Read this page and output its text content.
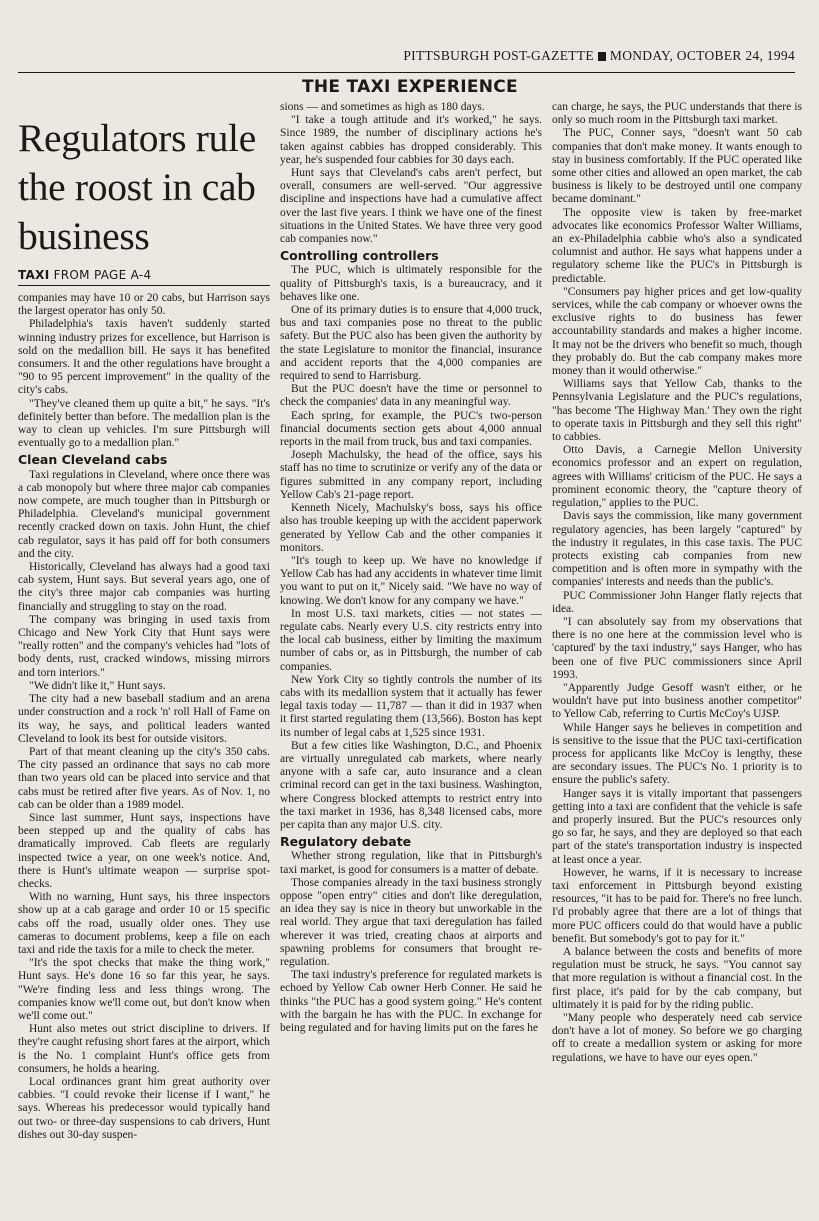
PITTSBURGH POST-GAZETTE MONDAY, OCTOBER 24, 1994
THE TAXI EXPERIENCE
Regulators rule the roost in cab business
TAXI FROM PAGE A-4

companies may have 10 or 20 cabs, but Harrison says the largest operator has only 50.

Philadelphia's taxis haven't suddenly started winning industry prizes for excellence, but Harrison is sold on the medallion bill. He says it has benefited consumers. It and the other regulations have brought a "90 to 95 percent improvement" in the quality of the city's cabs.

"They've cleaned them up quite a bit," he says. "It's definitely better than before. The medallion plan is the way to clean up vehicles. I'm sure Pittsburgh will eventually go to a medallion plan."

Clean Cleveland cabs

Taxi regulations in Cleveland, where once there was a cab monopoly but where three major cab companies now compete, are much tougher than in Pittsburgh or Philadelphia. Cleveland's municipal government recently cracked down on taxis. John Hunt, the chief cab regulator, says it has paid off for both consumers and the city.

Historically, Cleveland has always had a good taxi cab system, Hunt says. But several years ago, one of the city's three major cab companies was hurting financially and struggling to stay on the road.

The company was bringing in used taxis from Chicago and New York City that Hunt says were "really rotten" and the company's vehicles had "lots of body dents, rust, cracked windows, missing mirrors and torn interiors."

"We didn't like it," Hunt says.

The city had a new baseball stadium and an arena under construction and a rock 'n' roll Hall of Fame on its way, he says, and political leaders wanted Cleveland to look its best for outside visitors.

Part of that meant cleaning up the city's 350 cabs. The city passed an ordinance that says no cab more than two years old can be placed into service and that cabs must be retired after five years. As of Nov. 1, no cab can be older than a 1989 model.

Since last summer, Hunt says, inspections have been stepped up and the quality of cabs has dramatically improved. Cab fleets are regularly inspected twice a year, on one week's notice. And, there is Hunt's ultimate weapon — surprise spot-checks.

With no warning, Hunt says, his three inspectors show up at a cab garage and order 10 or 15 specific cabs off the road, usually older ones. They use cameras to document problems, keep a file on each taxi and ride the taxis for a mile to check the meter.

"It's the spot checks that make the thing work," Hunt says. He's done 16 so far this year, he says. "We're finding less and less things wrong. The companies know we'll come out, but don't know when we'll come out."

Hunt also metes out strict discipline to drivers. If they're caught refusing short fares at the airport, which is the No. 1 complaint Hunt's office gets from consumers, he holds a hearing.

Local ordinances grant him great authority over cabbies. "I could revoke their license if I want," he says. Whereas his predecessor would typically hand out two- or three-day suspensions to cab drivers, Hunt dishes out 30-day suspen-

sions — and sometimes as high as 180 days.

"I take a tough attitude and it's worked," he says. Since 1989, the number of disciplinary actions he's taken against cabbies has dropped considerably. This year, he's suspended four cabbies for 30 days each.

Hunt says that Cleveland's cabs aren't perfect, but overall, consumers are well-served. "Our aggressive discipline and inspections have had a cumulative affect over the last five years. I think we have one of the finest situations in the United States. We have three very good cab companies now."

Controlling controllers

The PUC, which is ultimately responsible for the quality of Pittsburgh's taxis, is a bureaucracy, and it behaves like one.

One of its primary duties is to ensure that 4,000 truck, bus and taxi companies pose no threat to the public safety. But the PUC also has been given the authority by the state Legislature to monitor the financial, insurance and accident reports that the 4,000 companies are required to send to Harrisburg.

But the PUC doesn't have the time or personnel to check the companies' data in any meaningful way.

Each spring, for example, the PUC's two-person financial documents section gets about 4,000 annual reports in the mail from truck, bus and taxi companies.

Joseph Machulsky, the head of the office, says his staff has no time to scrutinize or verify any of the data or figures submitted in any company report, including Yellow Cab's 21-page report.

Kenneth Nicely, Machulsky's boss, says his office also has trouble keeping up with the accident paperwork generated by Yellow Cab and the other companies it monitors.

"It's tough to keep up. We have no knowledge if Yellow Cab has had any accidents in whatever time limit you want to put on it," Nicely said. "We have no way of knowing. We don't know for any company we have."

In most U.S. taxi markets, cities — not states — regulate cabs. Nearly every U.S. city restricts entry into the local cab business, either by limiting the maximum number of cabs or, as in Pittsburgh, the number of cab companies.

New York City so tightly controls the number of its cabs with its medallion system that it actually has fewer legal taxis today — 11,787 — than it did in 1937 when it first started regulating them (13,566). Boston has kept its number of legal cabs at 1,525 since 1931.

But a few cities like Washington, D.C., and Phoenix are virtually unregulated cab markets, where nearly anyone with a safe car, auto insurance and a clean criminal record can get in the taxi business. Washington, where Congress blocked attempts to restrict entry into the taxi market in 1936, has 8,348 licensed cabs, more per capita than any major U.S. city.

Regulatory debate

Whether strong regulation, like that in Pittsburgh's taxi market, is good for consumers is a matter of debate.

Those companies already in the taxi business strongly oppose "open entry" cities and don't like deregulation, an idea they say is nice in theory but unworkable in the real world. They argue that taxi deregulation has failed wherever it was tried, creating chaos at airports and spawning problems for consumers that brought re-regulation.

The taxi industry's preference for regulated markets is echoed by Yellow Cab owner Herb Conner. He said he thinks "the PUC has a good system going." He's content with the bargain he has with the PUC. In exchange for being regulated and for having limits put on the fares he

can charge, he says, the PUC understands that there is only so much room in the Pittsburgh taxi market.

The PUC, Conner says, "doesn't want 50 cab companies that don't make money. It wants enough to stay in business comfortably. If the PUC operated like some other cities and allowed an open market, the cab business is likely to be destroyed until one company became dominant."

The opposite view is taken by free-market advocates like economics Professor Walter Williams, an ex-Philadelphia cabbie who's also a syndicated columnist and author. He says what happens under a regulatory scheme like the PUC's in Pittsburgh is predictable.

"Consumers pay higher prices and get low-quality services, while the cab company or whoever owns the exclusive rights to do business has fewer accountability standards and makes a higher income. It may not be the drivers who benefit so much, though they probably do. But the cab company makes more money than it would otherwise."

Williams says that Yellow Cab, thanks to the Pennsylvania Legislature and the PUC's regulations, "has become 'The Highway Man.' They own the right to operate taxis in Pittsburgh and they sell this right" to cabbies.

Otto Davis, a Carnegie Mellon University economics professor and an expert on regulation, agrees with Williams' criticism of the PUC. He says a prominent economic theory, the "capture theory of regulation," applies to the PUC.

Davis says the commission, like many government regulatory agencies, has been largely "captured" by the industry it regulates, in this case taxis. The PUC protects existing cab companies from new competition and is often more in sympathy with the companies' interests and needs than the public's.

PUC Commissioner John Hanger flatly rejects that idea.

"I can absolutely say from my observations that there is no one here at the commission level who is 'captured' by the taxi industry," says Hanger, who has been one of five PUC commissioners since April 1993.

"Apparently Judge Gesoff wasn't either, or he wouldn't have put into business another competitor" to Yellow Cab, referring to Curtis McCoy's UJSP.

While Hanger says he believes in competition and is sensitive to the issue that the PUC taxi-certification process for applicants like McCoy is lengthy, these are secondary issues. The PUC's No. 1 priority is to ensure the public's safety.

Hanger says it is vitally important that passengers getting into a taxi are confident that the vehicle is safe and properly insured. But the PUC's resources only go so far, he says, and they are deployed so that each part of the state's transportation industry is inspected at least once a year.

However, he warns, if it is necessary to increase taxi enforcement in Pittsburgh beyond existing resources, "it has to be paid for. There's no free lunch. I'd probably agree that there are a lot of things that more PUC officers could do that would have a public benefit. But somebody's got to pay for it."

A balance between the costs and benefits of more regulation must be struck, he says. "You cannot say that more regulation is without a financial cost. In the first place, it's paid for by the cab company, but ultimately it is paid for by the riding public.

"Many people who desperately need cab service don't have a lot of money. So before we go charging off to create a medallion system or asking for more regulations, we have to have our eyes open."
